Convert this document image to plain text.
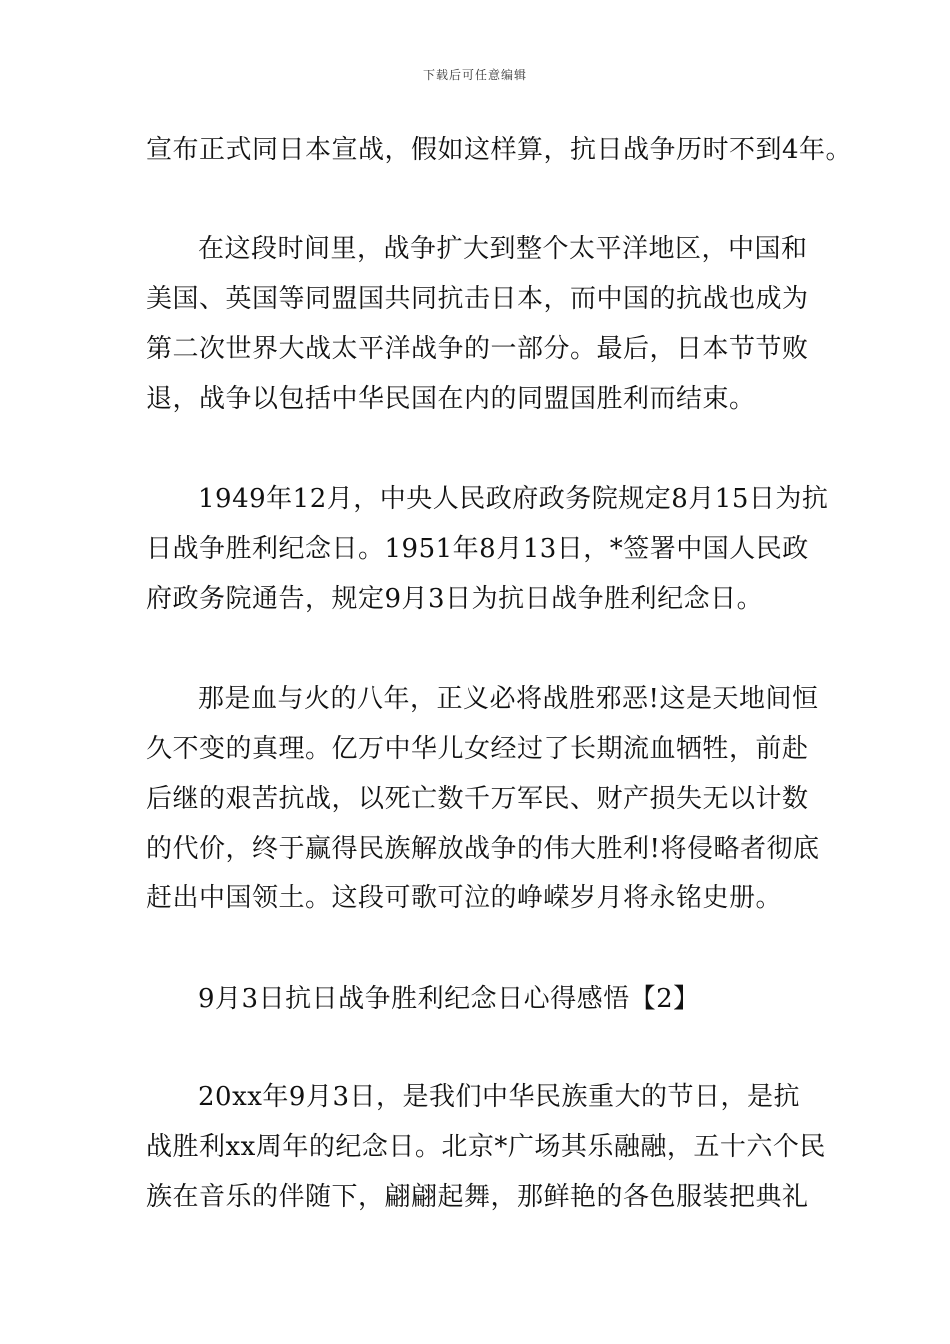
下载后可任意编辑
宣布正式同日本宣战，假如这样算，抗日战争历时不到4年。
在这段时间里，战争扩大到整个太平洋地区，中国和
美国、英国等同盟国共同抗击日本，而中国的抗战也成为
第二次世界大战太平洋战争的一部分。最后，日本节节败
退，战争以包括中华民国在内的同盟国胜利而结束。
1949年12月，中央人民政府政务院规定8月15日为抗
日战争胜利纪念日。1951年8月13日，*签署中国人民政
府政务院通告，规定9月3日为抗日战争胜利纪念日。
那是血与火的八年，正义必将战胜邪恶!这是天地间恒
久不变的真理。亿万中华儿女经过了长期流血牺牲，前赴
后继的艰苦抗战，以死亡数千万军民、财产损失无以计数
的代价，终于赢得民族解放战争的伟大胜利!将侵略者彻底
赶出中国领土。这段可歌可泣的峥嵘岁月将永铭史册。
9月3日抗日战争胜利纪念日心得感悟【2】
20xx年9月3日，是我们中华民族重大的节日，是抗
战胜利xx周年的纪念日。北京*广场其乐融融，五十六个民
族在音乐的伴随下，翩翩起舞，那鲜艳的各色服装把典礼
